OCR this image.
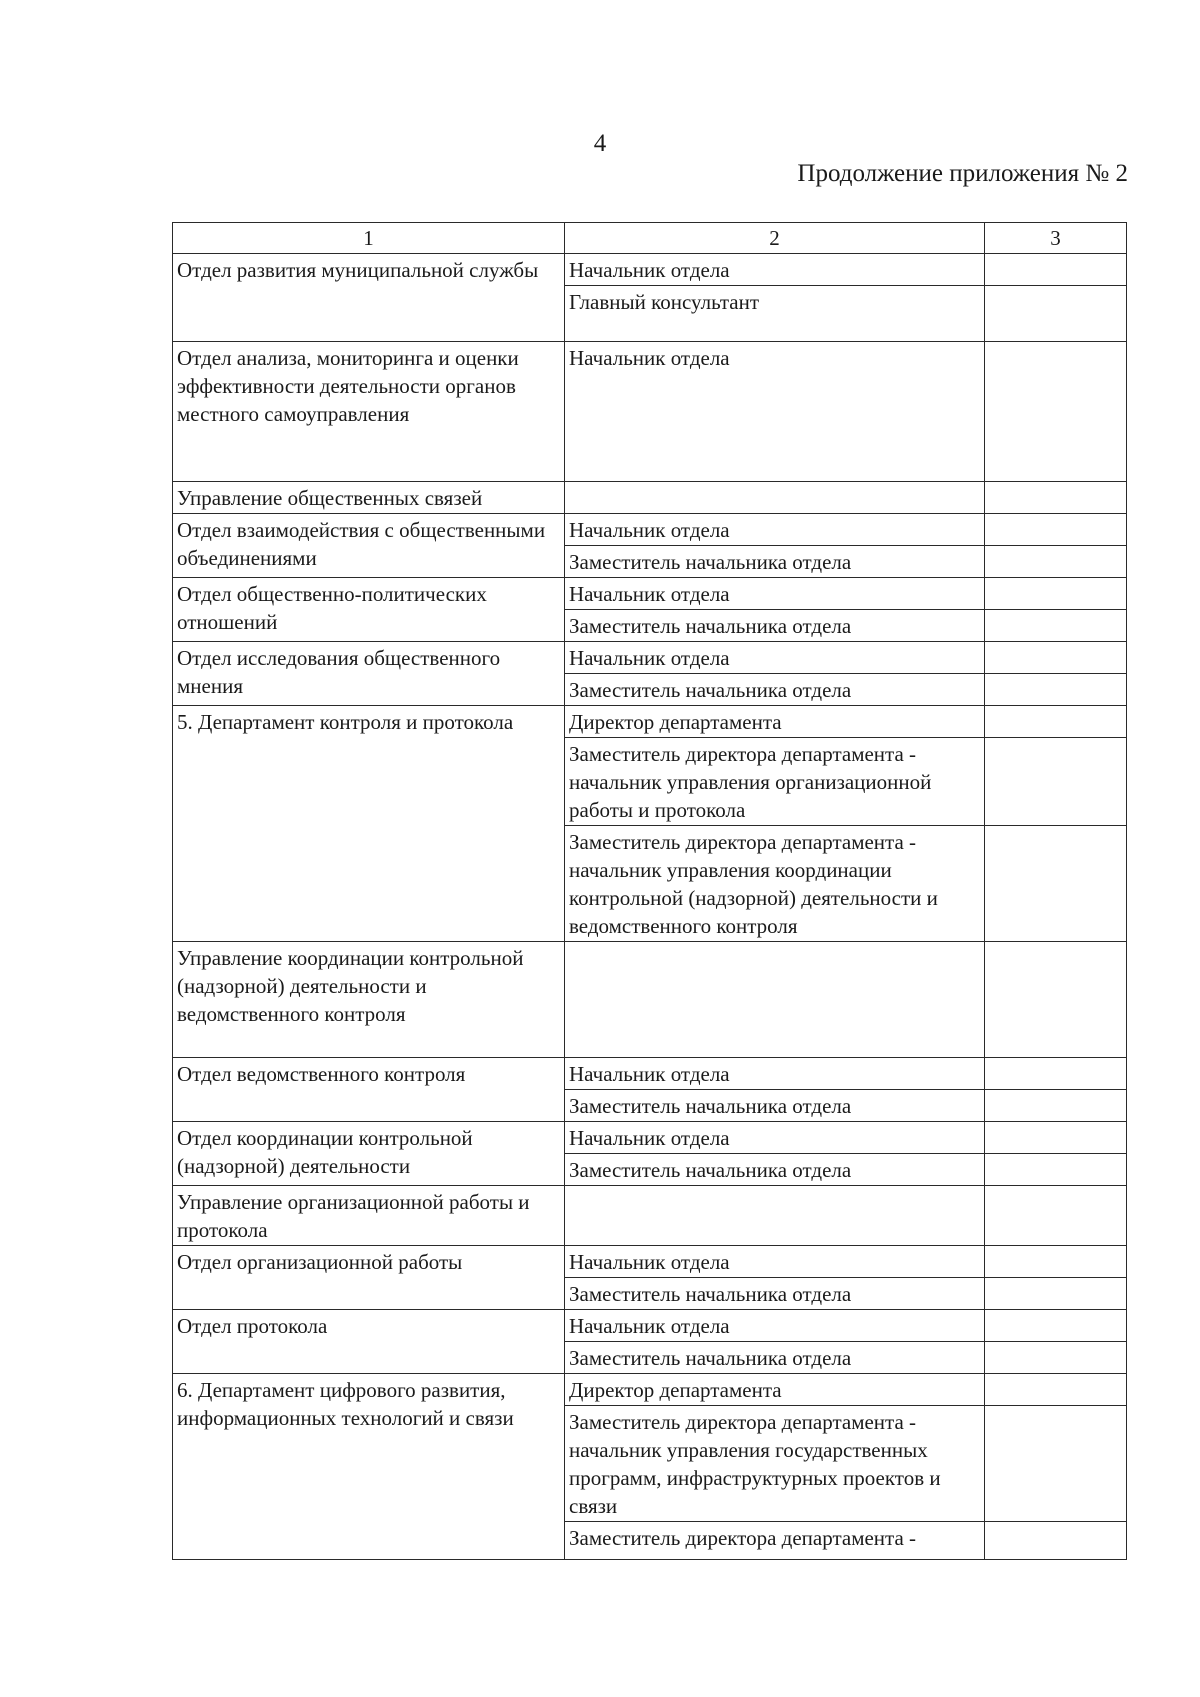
4
Продолжение приложения № 2
1	2	3
Отдел развития муниципальной службы	Начальник отдела	
	Главный консультант	
Отдел анализа, мониторинга и оценки эффективности деятельности органов местного самоуправления	Начальник отдела	
Управление общественных связей		
Отдел взаимодействия с общественными объединениями	Начальник отдела	
	Заместитель начальника отдела	
Отдел общественно-политических отношений	Начальник отдела	
	Заместитель начальника отдела	
Отдел исследования общественного мнения	Начальник отдела	
	Заместитель начальника отдела	
5. Департамент контроля и протокола	Директор департамента	
	Заместитель директора департамента - начальник управления организационной работы и протокола	
	Заместитель директора департамента - начальник управления координации контрольной (надзорной) деятельности и ведомственного контроля	
Управление координации контрольной (надзорной) деятельности и ведомственного контроля		
Отдел ведомственного контроля	Начальник отдела	
	Заместитель начальника отдела	
Отдел координации контрольной (надзорной) деятельности	Начальник отдела	
	Заместитель начальника отдела	
Управление организационной работы и протокола		
Отдел организационной работы	Начальник отдела	
	Заместитель начальника отдела	
Отдел протокола	Начальник отдела	
	Заместитель начальника отдела	
6. Департамент цифрового развития, информационных технологий и связи	Директор департамента	
	Заместитель директора департамента - начальник управления государственных программ, инфраструктурных проектов и связи	
	Заместитель директора департамента -	
